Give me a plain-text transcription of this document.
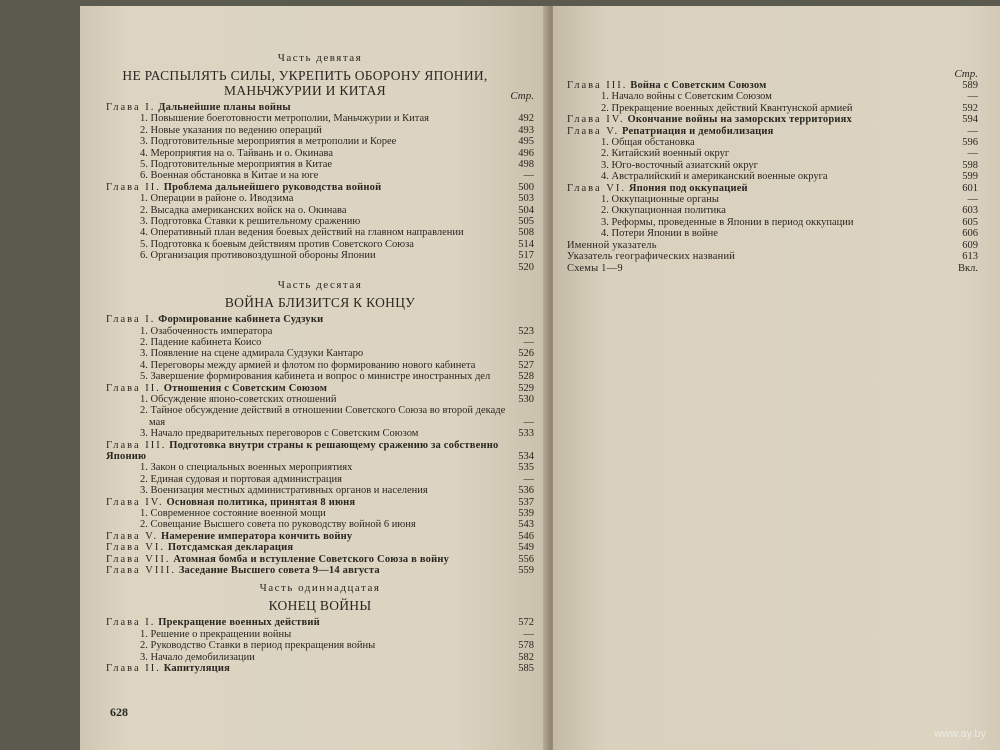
Часть девятая
НЕ РАСПЫЛЯТЬ СИЛЫ, УКРЕПИТЬ ОБОРОНУ ЯПОНИИ, МАНЬЧЖУРИИ И КИТАЯ	Стр.
Глава I. Дальнейшие планы войны
1. Повышение боеготовности метрополии, Маньчжурии и Китая	492
2. Новые указания по ведению операций	493
3. Подготовительные мероприятия в метрополии и Корее	495
4. Мероприятия на о. Тайвань и о. Окинава	496
5. Подготовительные мероприятия в Китае	498
6. Военная обстановка в Китае и на юге	—
Глава II. Проблема дальнейшего руководства войной	500
1. Операции в районе о. Иводзима	503
2. Высадка американских войск на о. Окинава	504
3. Подготовка Ставки к решительному сражению	505
4. Оперативный план ведения боевых действий на главном направлении	508
5. Подготовка к боевым действиям против Советского Союза	514
6. Организация противовоздушной обороны Японии	517
520
Часть десятая
ВОЙНА БЛИЗИТСЯ К КОНЦУ
Глава I. Формирование кабинета Судзуки
1. Озабоченность императора	523
2. Падение кабинета Коисо	—
3. Появление на сцене адмирала Судзуки Кантаро	526
4. Переговоры между армией и флотом по формированию нового кабинета	527
5. Завершение формирования кабинета и вопрос о министре иностранных дел	528
Глава II. Отношения с Советским Союзом	529
1. Обсуждение японо-советских отношений	530
2. Тайное обсуждение действий в отношении Советского Союза во второй декаде мая	—
3. Начало предварительных переговоров с Советским Союзом	533
Глава III. Подготовка внутри страны к решающему сражению за собственно Японию	534
1. Закон о специальных военных мероприятиях	535
2. Единая судовая и портовая администрация	—
3. Военизация местных административных органов и населения	536
Глава IV. Основная политика, принятая 8 июня	537
1. Современное состояние военной мощи	539
2. Совещание Высшего совета по руководству войной 6 июня	543
Глава V. Намерение императора кончить войну	546
Глава VI. Потсдамская декларация	549
Глава VII. Атомная бомба и вступление Советского Союза в войну	556
Глава VIII. Заседание Высшего совета 9—14 августа	559
Часть одиннадцатая
КОНЕЦ ВОЙНЫ
Глава I. Прекращение военных действий	572
1. Решение о прекращении войны	—
2. Руководство Ставки в период прекращения войны	578
3. Начало демобилизации	582
Глава II. Капитуляция	585
628
Стр.
Глава III. Война с Советским Союзом	589
1. Начало войны с Советским Союзом	—
2. Прекращение военных действий Квантунской армией	592
Глава IV. Окончание войны на заморских территориях	594
Глава V. Репатриация и демобилизация	—
1. Общая обстановка	596
2. Китайский военный округ	—
3. Юго-восточный азиатский округ	598
4. Австралийский и американский военные округа	599
Глава VI. Япония под оккупацией	601
1. Оккупационные органы	—
2. Оккупационная политика	603
3. Реформы, проведенные в Японии в период оккупации	605
4. Потери Японии в войне	606
Именной указатель	609
Указатель географических названий	613
Схемы 1—9	Вкл.
www.ay.by
